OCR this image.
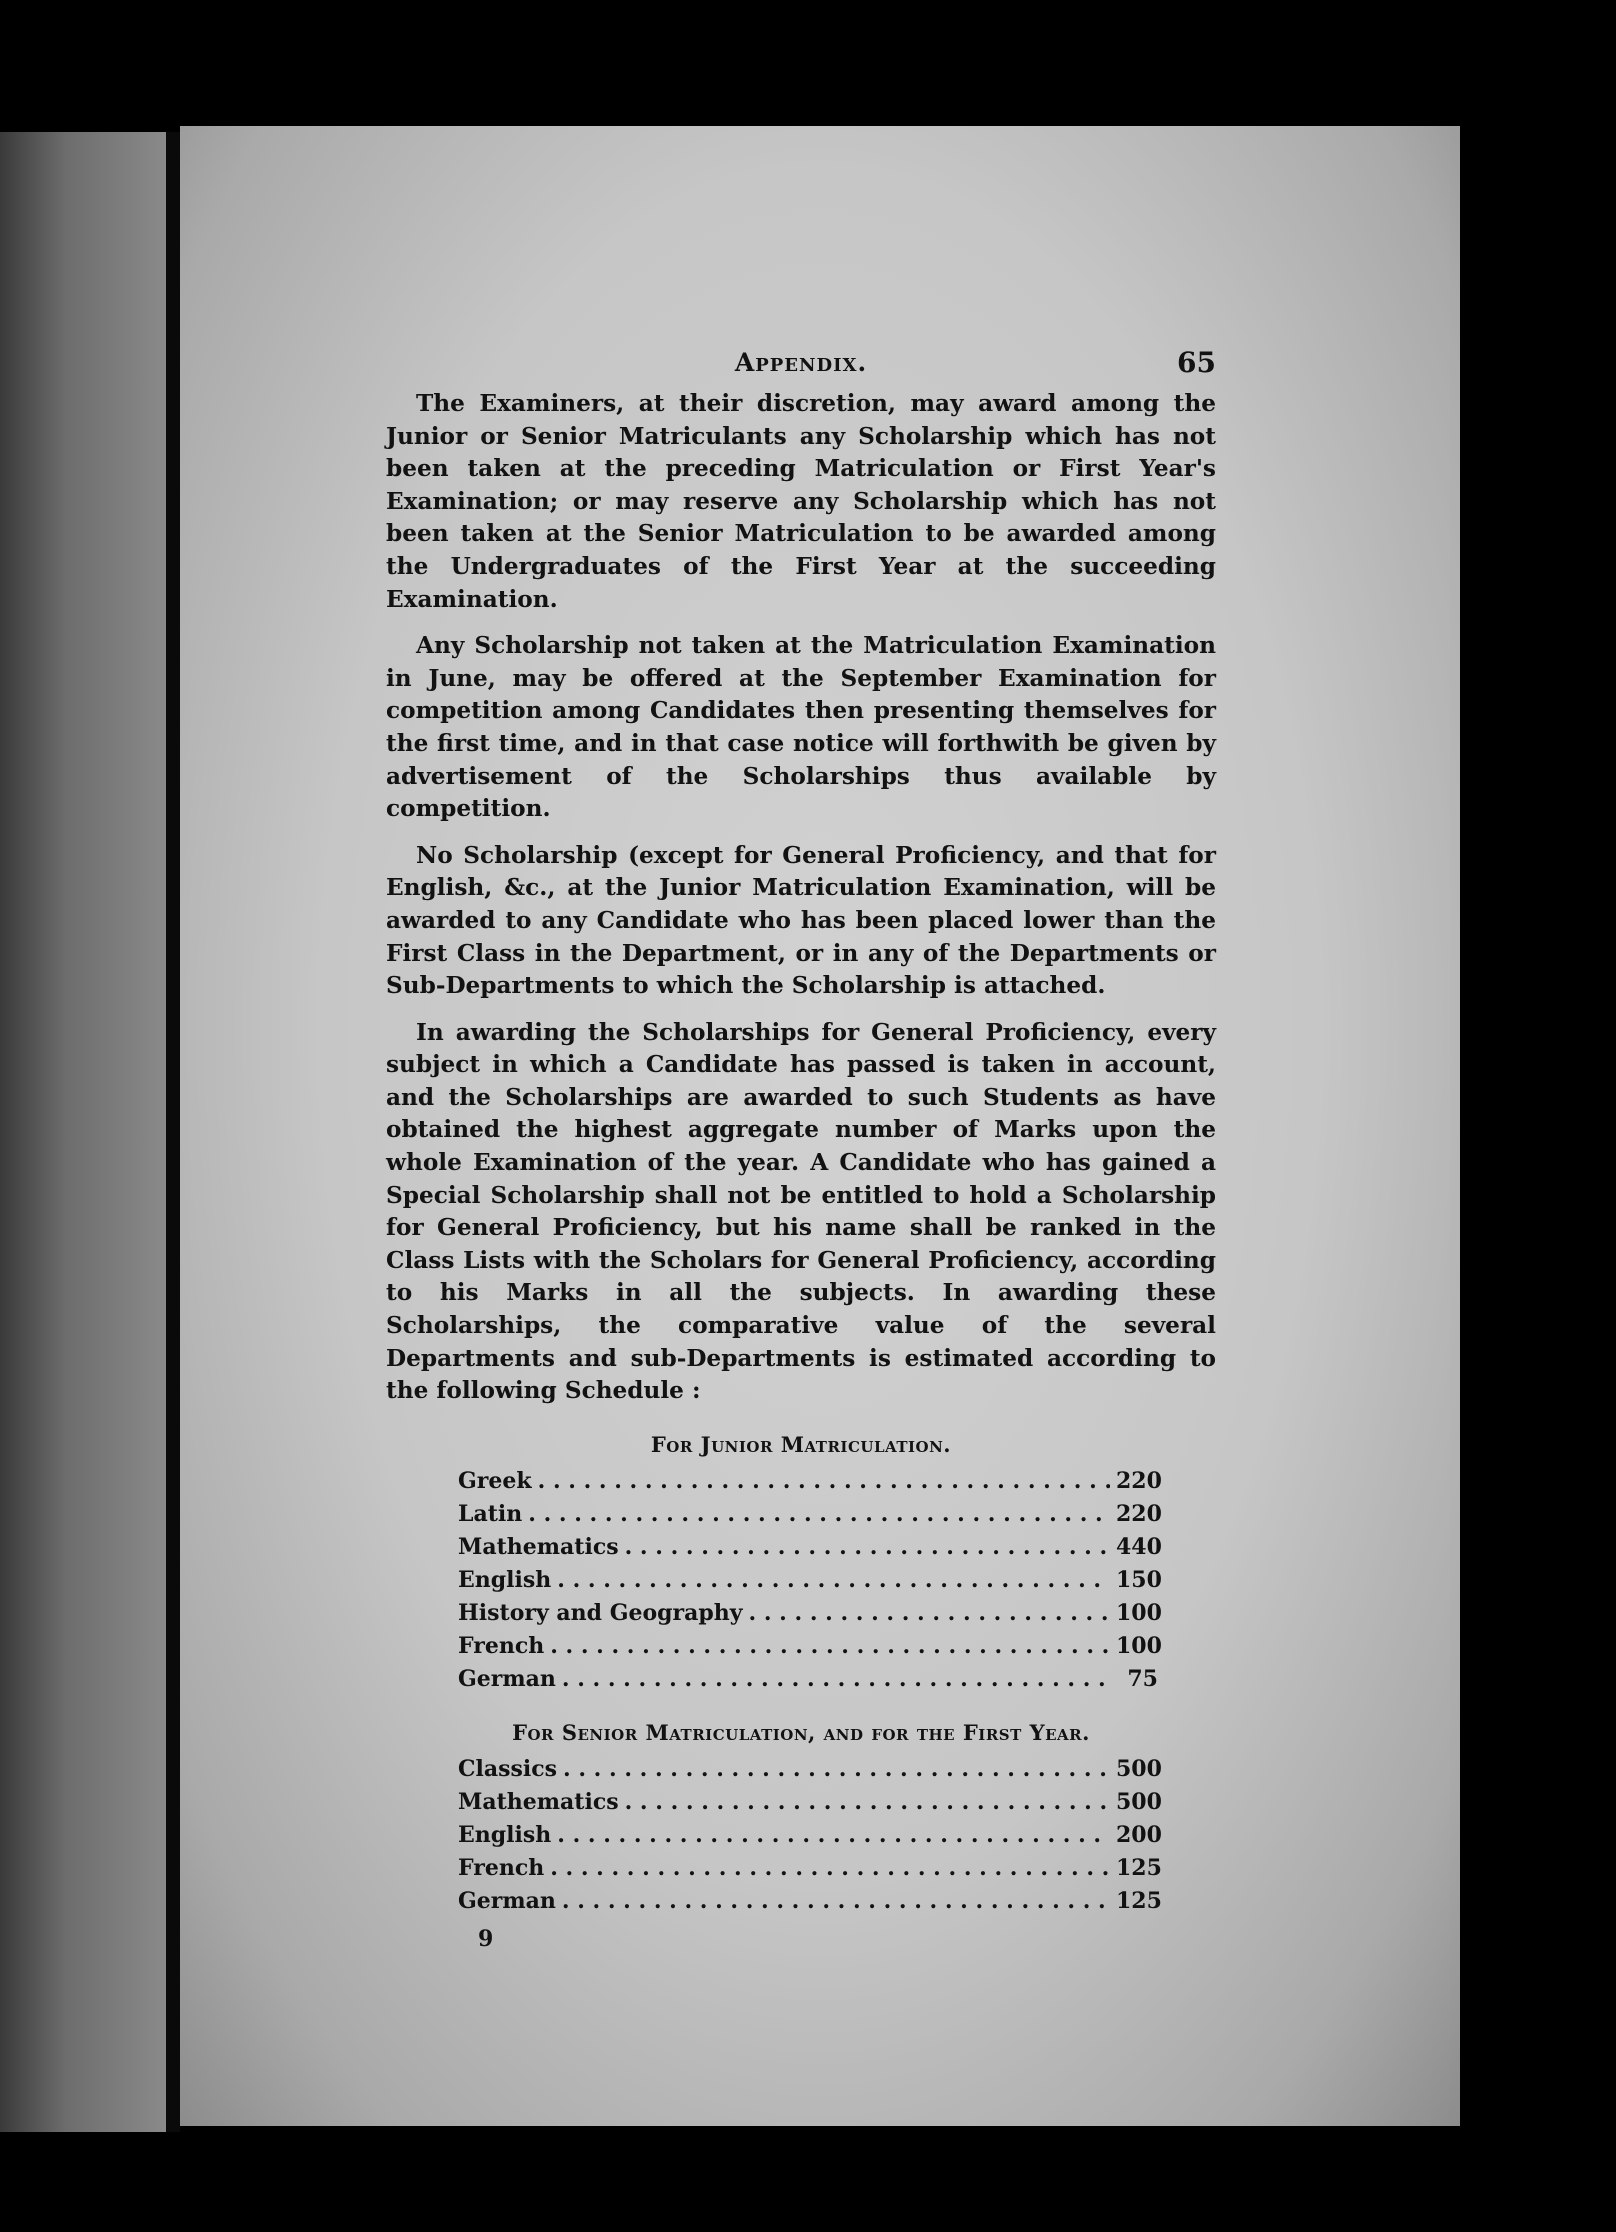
Appendix.	65

The Examiners, at their discretion, may award among the Junior or Senior Matriculants any Scholarship which has not been taken at the preceding Matriculation or First Year's Examination; or may reserve any Scholarship which has not been taken at the Senior Matriculation to be awarded among the Undergraduates of the First Year at the succeeding Examination.

Any Scholarship not taken at the Matriculation Examination in June, may be offered at the September Examination for competition among Candidates then presenting themselves for the first time, and in that case notice will forthwith be given by advertisement of the Scholarships thus available by competition.

No Scholarship (except for General Proficiency, and that for English, &c., at the Junior Matriculation Examination, will be awarded to any Candidate who has been placed lower than the First Class in the Department, or in any of the Departments or Sub-Departments to which the Scholarship is attached.

In awarding the Scholarships for General Proficiency, every subject in which a Candidate has passed is taken in account, and the Scholarships are awarded to such Students as have obtained the highest aggregate number of Marks upon the whole Examination of the year. A Candidate who has gained a Special Scholarship shall not be entitled to hold a Scholarship for General Proficiency, but his name shall be ranked in the Class Lists with the Scholars for General Proficiency, according to his Marks in all the subjects. In awarding these Scholarships, the comparative value of the several Departments and sub-Departments is estimated according to the following Schedule :

For Junior Matriculation.
Greek . . .	220
Latin . . .	220
Mathematics . . .	440
English . . .	150
History and Geography . . .	100
French . . .	100
German . . .	75
For Senior Matriculation, and for the First Year.
Classics . . .	500
Mathematics . . .	500
English . . .	200
French . . .	125
German . . .	125
9
